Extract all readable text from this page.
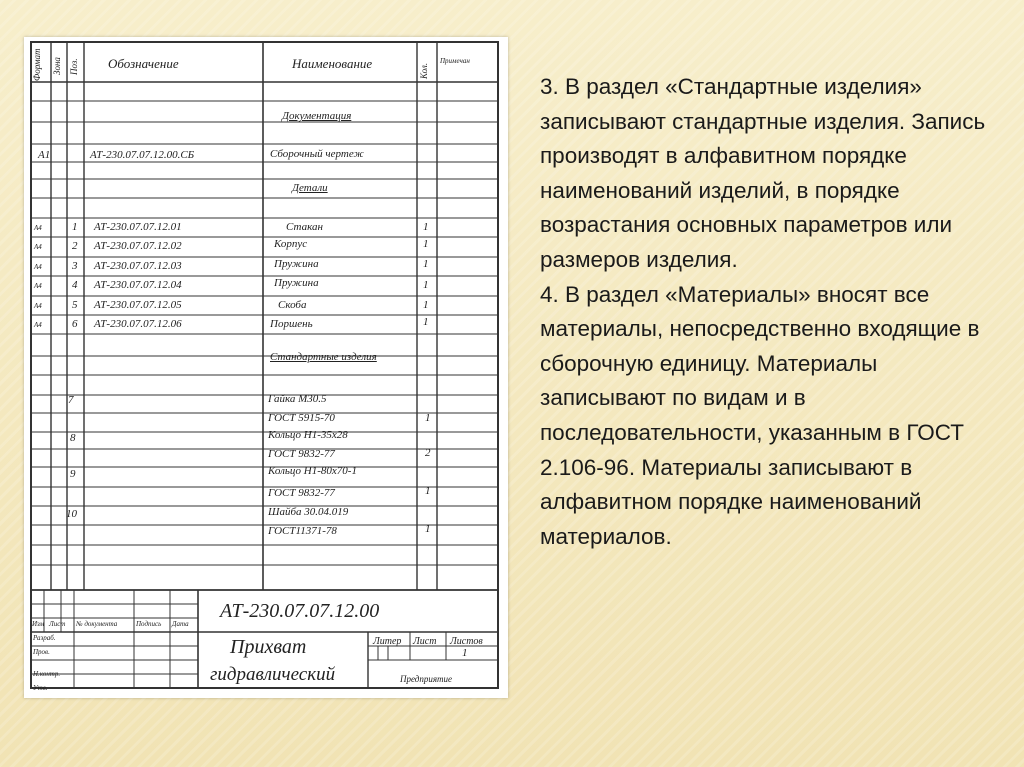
Формат Зона Поз.	Кол.
Обозначение	Наименование	Примечан
Документация
А1	АТ-230.07.07.12.00.СБ	Сборочный чертеж
Детали
А4	1 АТ-230.07.07.12.01	Стакан	1
А4	2 АТ-230.07.07.12.02	Корпус	1
А4	3 АТ-230.07.07.12.03	Пружина	1
А4	4 АТ-230.07.07.12.04	Пружина	1
А4	5 АТ-230.07.07.12.05	Скоба	1
А4	6 АТ-230.07.07.12.06	Поршень	1
Стандартные изделия
7	Гайка М30.5
ГОСТ 5915-70	1
8	Кольцо Н1-35х28
ГОСТ 9832-77	2
9	Кольцо Н1-80х70-1
ГОСТ 9832-77	1
10	Шайба 30.04.019
ГОСТ11371-78	1
АТ-230.07.07.12.00
Изм Лист № документа	Подпись Дата
Разраб.
Пров.
Н.контр.
Утв.
Прихват
гидравлический
Литер Лист Листов
1
Предприятие

3. В раздел «Стандартные изделия» записывают стандартные изделия. Запись производят в алфавитном порядке наименований изделий, в порядке возрастания основных параметров или размеров изделия.

4. В раздел «Материалы» вносят все материалы, непосредственно входящие в сборочную единицу. Материалы записывают по видам и в последовательности, указанным в ГОСТ 2.106-96. Материалы записывают в алфавитном порядке наименований материалов.
